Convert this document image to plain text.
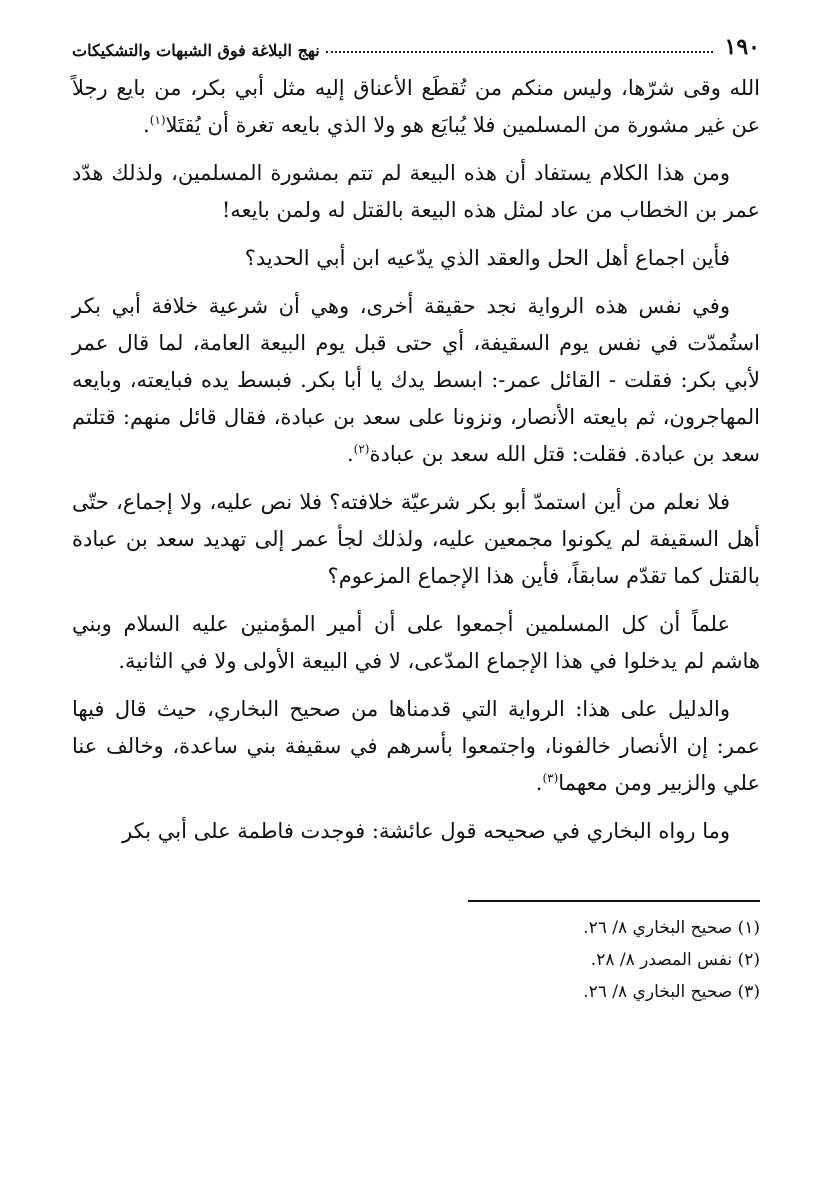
١٩٠
نهج البلاغة فوق الشبهات والتشكيكات

الله وقى شرّها، وليس منكم من تُقطَع الأعناق إليه مثل أبي بكر، من بايع رجلاً عن غير مشورة من المسلمين فلا يُبايَع هو ولا الذي بايعه تغرة أن يُقتَلا$^{(١)}$.

ومن هذا الكلام يستفاد أن هذه البيعة لم تتم بمشورة المسلمين، ولذلك هدّد عمر بن الخطاب من عاد لمثل هذه البيعة بالقتل له ولمن بايعه!

فأين اجماع أهل الحل والعقد الذي يدّعيه ابن أبي الحديد؟

وفي نفس هذه الرواية نجد حقيقة أخرى، وهي أن شرعية خلافة أبي بكر استُمدّت في نفس يوم السقيفة، أي حتى قبل يوم البيعة العامة، لما قال عمر لأبي بكر: فقلت - القائل عمر-: ابسط يدك يا أبا بكر. فبسط يده فبايعته، وبايعه المهاجرون، ثم بايعته الأنصار، ونزونا على سعد بن عبادة، فقال قائل منهم: قتلتم سعد بن عبادة. فقلت: قتل الله سعد بن عبادة$^{(٢)}$.

فلا نعلم من أين استمدّ أبو بكر شرعيّة خلافته؟ فلا نص عليه، ولا إجماع، حتّى أهل السقيفة لم يكونوا مجمعين عليه، ولذلك لجأ عمر إلى تهديد سعد بن عبادة بالقتل كما تقدّم سابقاً، فأين هذا الإجماع المزعوم؟

علماً أن كل المسلمين أجمعوا على أن أمير المؤمنين عليه السلام وبني هاشم لم يدخلوا في هذا الإجماع المدّعى، لا في البيعة الأولى ولا في الثانية.

والدليل على هذا: الرواية التي قدمناها من صحيح البخاري، حيث قال فيها عمر: إن الأنصار خالفونا، واجتمعوا بأسرهم في سقيفة بني ساعدة، وخالف عنا علي والزبير ومن معهما$^{(٣)}$.

وما رواه البخاري في صحيحه قول عائشة: فوجدت فاطمة على أبي بكر

(١) صحيح البخاري ٨/ ٢٦.
(٢) نفس المصدر ٨/ ٢٨.
(٣) صحيح البخاري ٨/ ٢٦.
